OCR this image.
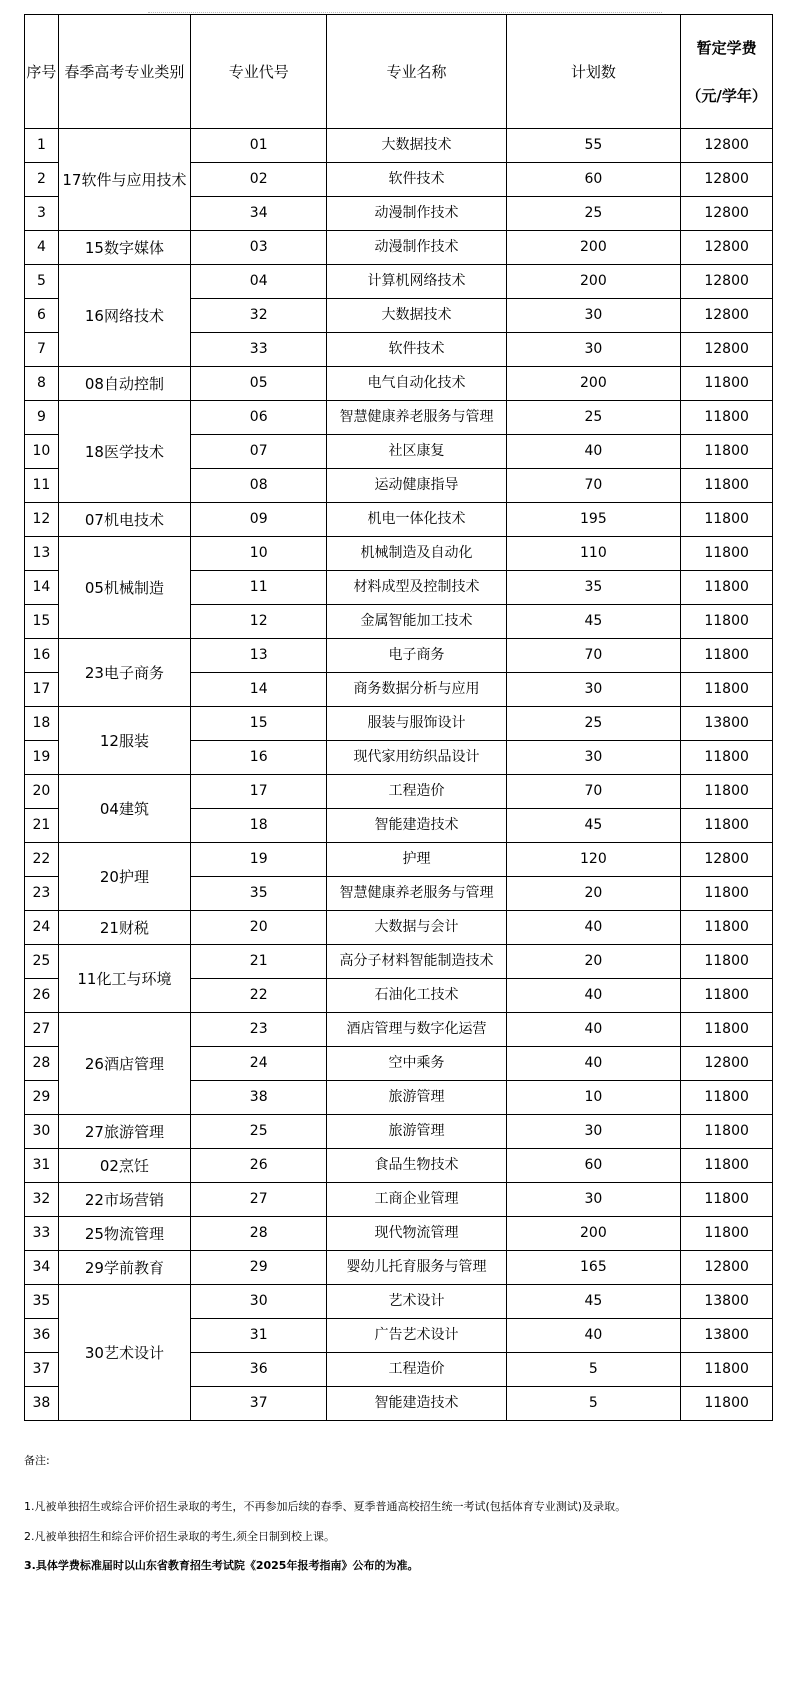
序号	春季高考专业类别	专业代号	专业名称	计划数	暂定学费
（元/学年）

1	17软件与应用技术	01	大数据技术	55	12800
2		02	软件技术	60	12800
3		34	动漫制作技术	25	12800
4	15数字媒体	03	动漫制作技术	200	12800
5	16网络技术	04	计算机网络技术	200	12800
6		32	大数据技术	30	12800
7		33	软件技术	30	12800
8	08自动控制	05	电气自动化技术	200	11800
9	18医学技术	06	智慧健康养老服务与管理	25	11800
10		07	社区康复	40	11800
11		08	运动健康指导	70	11800
12	07机电技术	09	机电一体化技术	195	11800
13	05机械制造	10	机械制造及自动化	110	11800
14		11	材料成型及控制技术	35	11800
15		12	金属智能加工技术	45	11800
16	23电子商务	13	电子商务	70	11800
17		14	商务数据分析与应用	30	11800
18	12服装	15	服装与服饰设计	25	13800
19		16	现代家用纺织品设计	30	11800
20	04建筑	17	工程造价	70	11800
21		18	智能建造技术	45	11800
22	20护理	19	护理	120	12800
23		35	智慧健康养老服务与管理	20	11800
24	21财税	20	大数据与会计	40	11800
25	11化工与环境	21	高分子材料智能制造技术	20	11800
26		22	石油化工技术	40	11800
27	26酒店管理	23	酒店管理与数字化运营	40	11800
28		24	空中乘务	40	12800
29		38	旅游管理	10	11800
30	27旅游管理	25	旅游管理	30	11800
31	02烹饪	26	食品生物技术	60	11800
32	22市场营销	27	工商企业管理	30	11800
33	25物流管理	28	现代物流管理	200	11800
34	29学前教育	29	婴幼儿托育服务与管理	165	12800
35	30艺术设计	30	艺术设计	45	13800
36		31	广告艺术设计	40	13800
37		36	工程造价	5	11800
38		37	智能建造技术	5	11800

备注:

1.凡被单独招生或综合评价招生录取的考生，不再参加后续的春季、夏季普通高校招生统一考试(包括体育专业测试)及录取。

2.凡被单独招生和综合评价招生录取的考生,须全日制到校上课。

3.具体学费标准届时以山东省教育招生考试院《2025年报考指南》公布的为准。
